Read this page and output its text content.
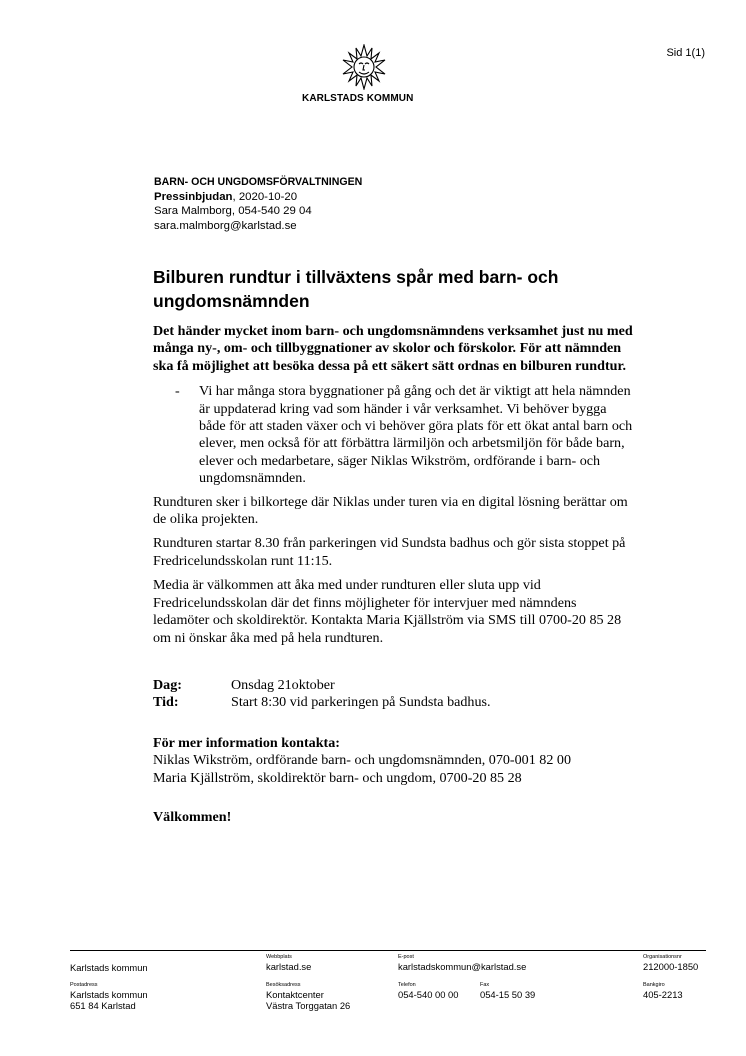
Sid 1(1)
KARLSTADS KOMMUN
BARN- OCH UNGDOMSFÖRVALTNINGEN
Pressinbjudan, 2020-10-20
Sara Malmborg, 054-540 29 04
sara.malmborg@karlstad.se
Bilburen rundtur i tillväxtens spår med barn- och ungdomsnämnden

Det händer mycket inom barn- och ungdomsnämndens verksamhet just nu med många ny-, om- och tillbyggnationer av skolor och förskolor. För att nämnden ska få möjlighet att besöka dessa på ett säkert sätt ordnas en bilburen rundtur.

- Vi har många stora byggnationer på gång och det är viktigt att hela nämnden är uppdaterad kring vad som händer i vår verksamhet. Vi behöver bygga både för att staden växer och vi behöver göra plats för ett ökat antal barn och elever, men också för att förbättra lärmiljön och arbetsmiljön för både barn, elever och medarbetare, säger Niklas Wikström, ordförande i barn- och ungdomsnämnden.

Rundturen sker i bilkortege där Niklas under turen via en digital lösning berättar om de olika projekten.

Rundturen startar 8.30 från parkeringen vid Sundsta badhus och gör sista stoppet på Fredricelundsskolan runt 11:15.

Media är välkommen att åka med under rundturen eller sluta upp vid Fredricelundsskolan där det finns möjligheter för intervjuer med nämndens ledamöter och skoldirektör. Kontakta Maria Kjällström via SMS till 0700-20 85 28 om ni önskar åka med på hela rundturen.

Dag:	Onsdag 21oktober
Tid:	Start 8:30 vid parkeringen på Sundsta badhus.
För mer information kontakta:
Niklas Wikström, ordförande barn- och ungdomsnämnden, 070-001 82 00
Maria Kjällström, skoldirektör barn- och ungdom, 0700-20 85 28
Välkommen!
Karlstads kommun
Webbplats
karlstad.se
E-post
karlstadskommun@karlstad.se
Organisationsnr
212000-1850
Postadress
Karlstads kommun
651 84 Karlstad
Besöksadress
Kontaktcenter
Västra Torggatan 26
Telefon
054-540 00 00
Fax
054-15 50 39
Bankgiro
405-2213
